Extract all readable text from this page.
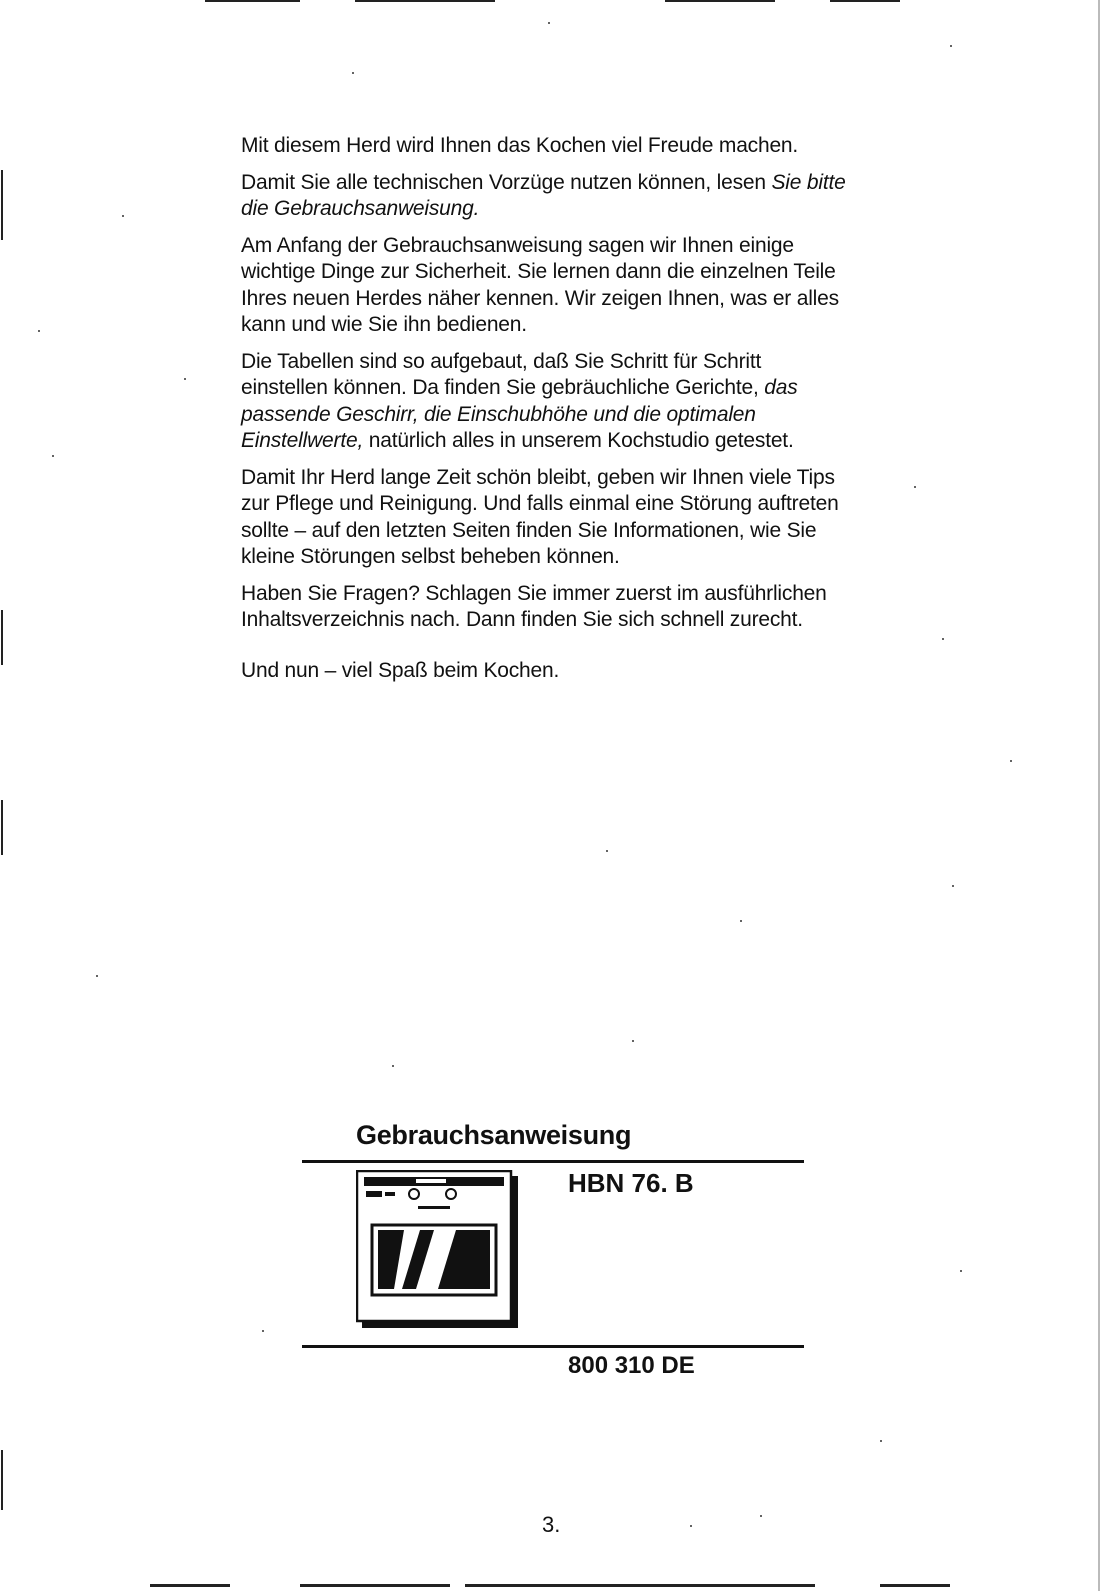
Mit diesem Herd wird Ihnen das Kochen viel Freude machen.

Damit Sie alle technischen Vorzüge nutzen können, lesen Sie bitte die Gebrauchsanweisung.

Am Anfang der Gebrauchsanweisung sagen wir Ihnen einige wichtige Dinge zur Sicherheit. Sie lernen dann die einzelnen Teile Ihres neuen Herdes näher kennen. Wir zeigen Ihnen, was er alles kann und wie Sie ihn bedienen.

Die Tabellen sind so aufgebaut, daß Sie Schritt für Schritt einstellen können. Da finden Sie gebräuchliche Gerichte, das passende Geschirr, die Einschubhöhe und die optimalen Einstellwerte, natürlich alles in unserem Kochstudio getestet.

Damit Ihr Herd lange Zeit schön bleibt, geben wir Ihnen viele Tips zur Pflege und Reinigung. Und falls einmal eine Störung auftreten sollte – auf den letzten Seiten finden Sie Informationen, wie Sie kleine Störungen selbst beheben können.

Haben Sie Fragen? Schlagen Sie immer zuerst im ausführlichen Inhaltsverzeichnis nach. Dann finden Sie sich schnell zurecht.

Und nun – viel Spaß beim Kochen.

Gebrauchsanweisung
HBN 76. B
800 310 DE
3.
